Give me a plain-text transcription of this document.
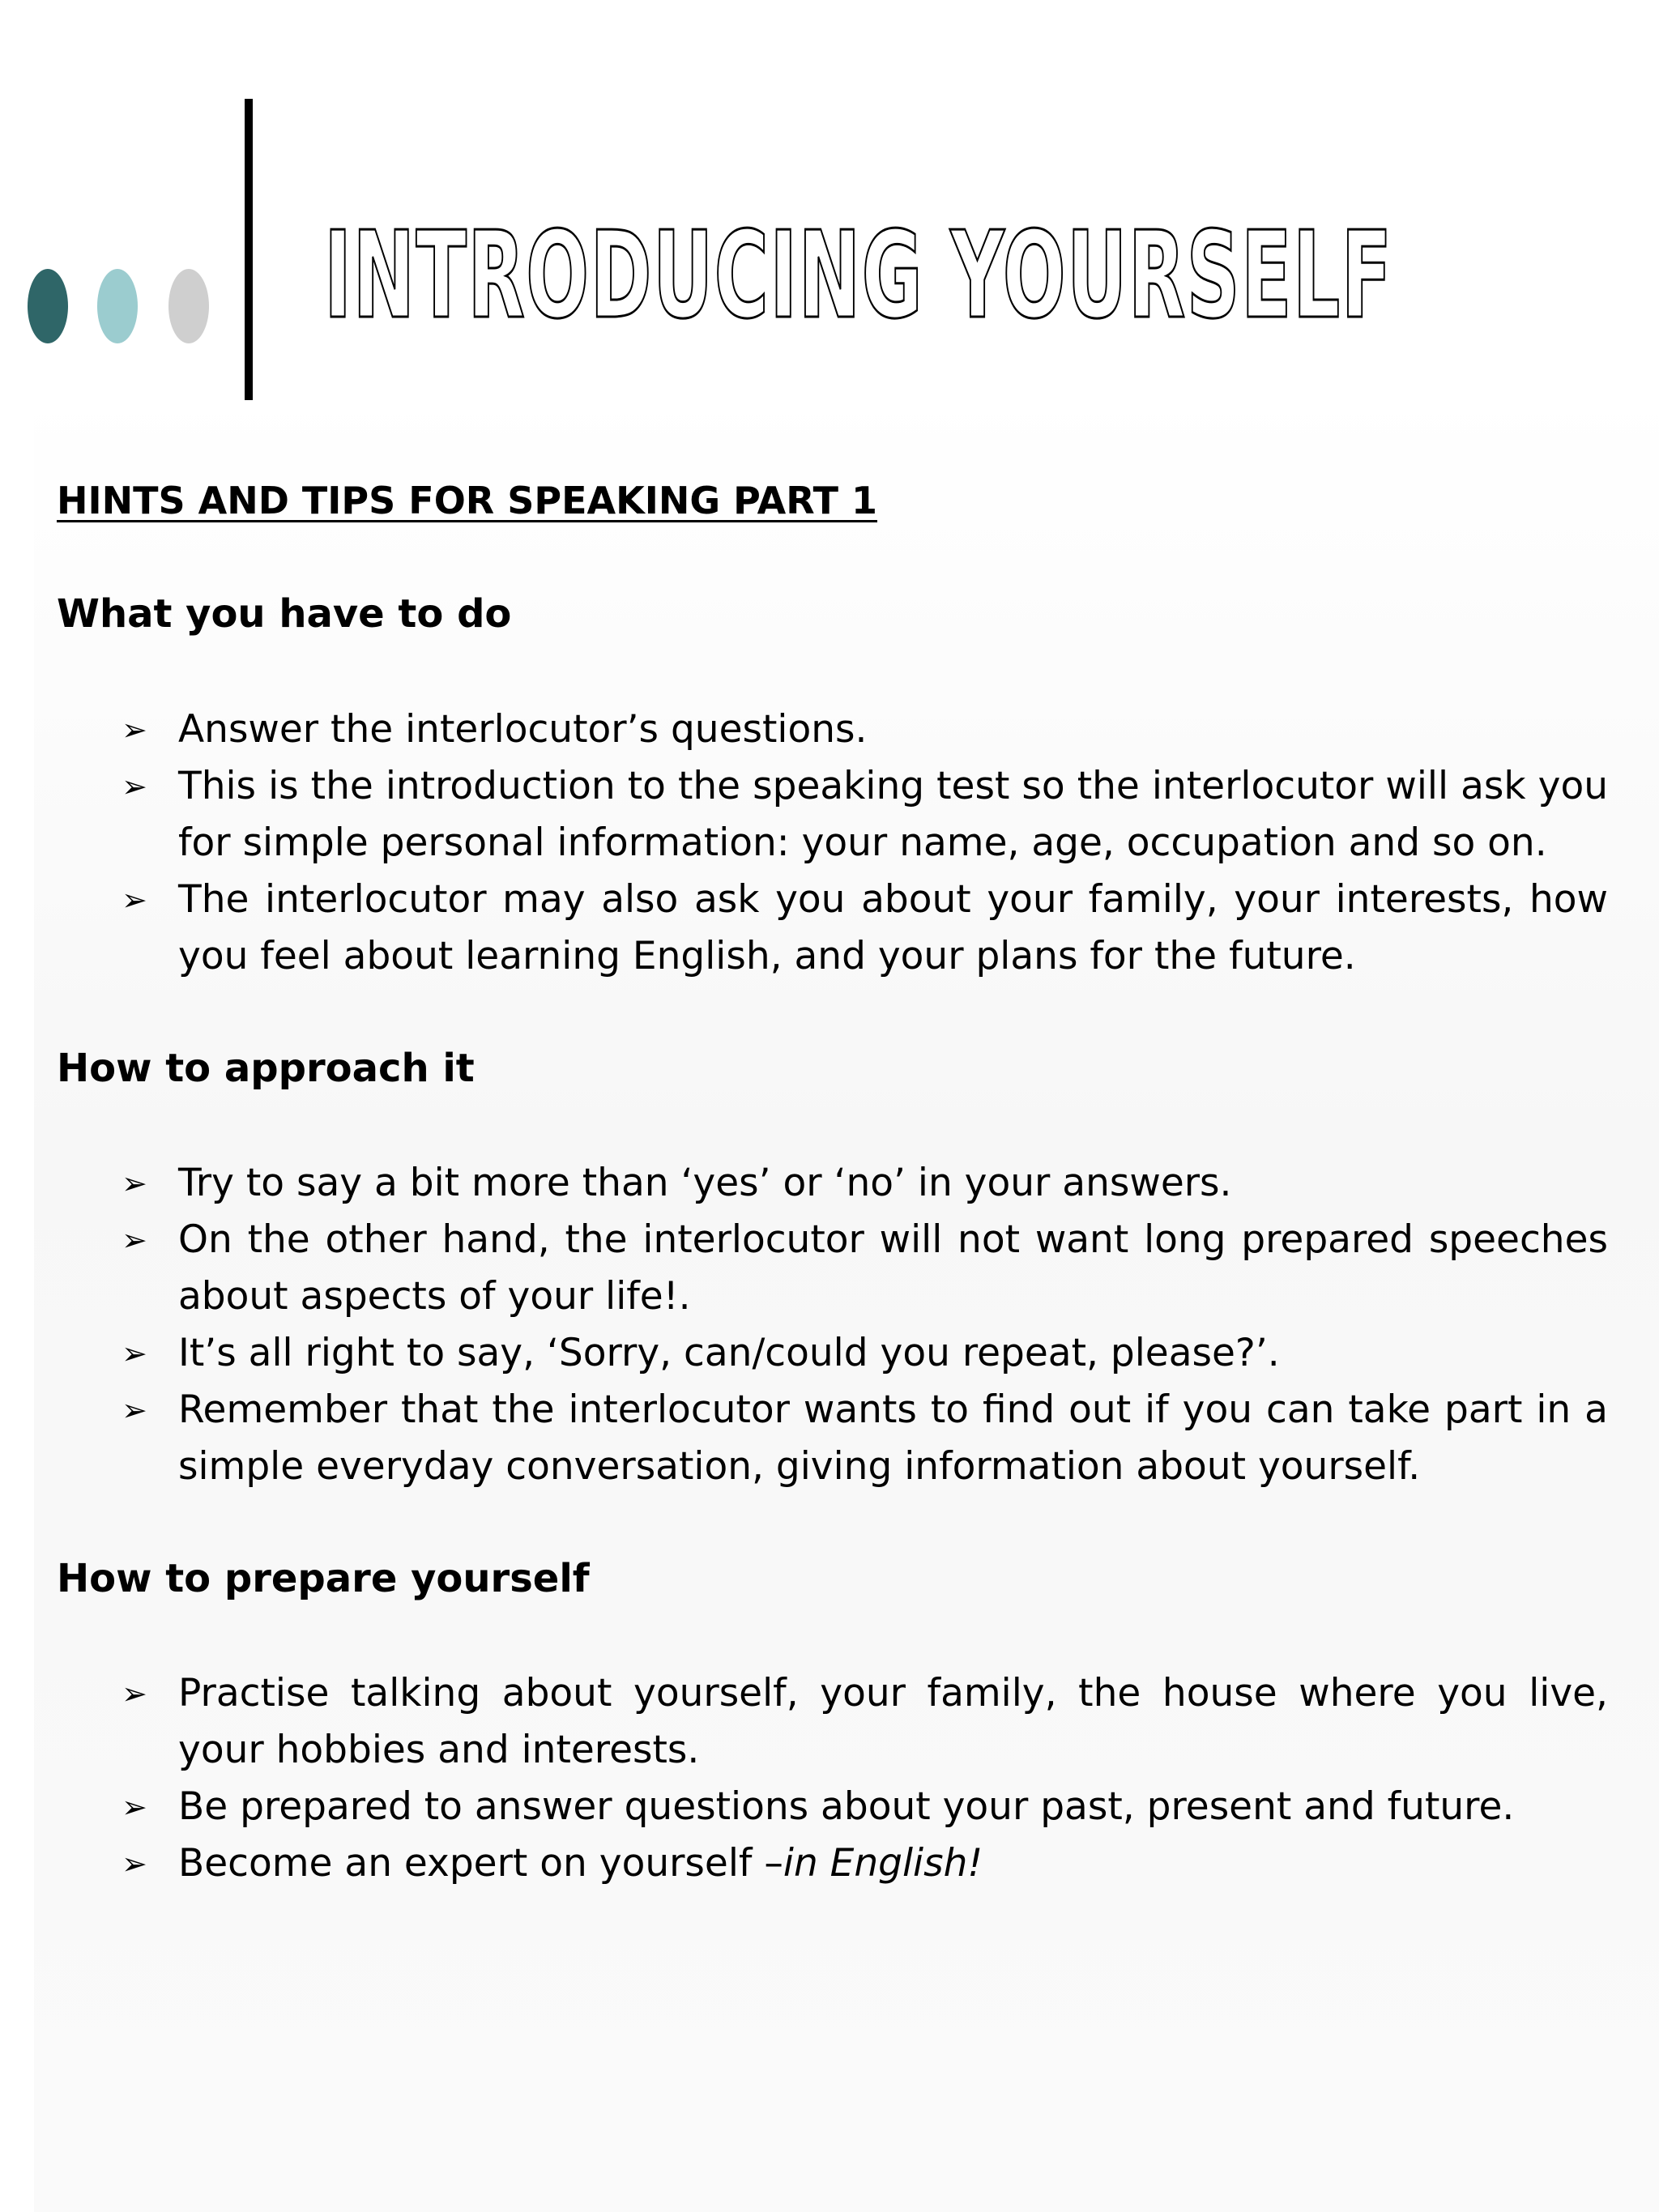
INTRODUCING YOURSELF
HINTS AND TIPS FOR SPEAKING PART 1
What you have to do
➢ Answer the interlocutor’s questions.
➢ This is the introduction to the speaking test so the interlocutor will ask you for simple personal information: your name, age, occupation and so on.
➢ The interlocutor may also ask you about your family, your interests, how you feel about learning English, and your plans for the future.
How to approach it
➢ Try to say a bit more than ‘yes’ or ‘no’ in your answers.
➢ On the other hand, the interlocutor will not want long prepared speeches about aspects of your life!.
➢ It’s all right to say, ‘Sorry, can/could you repeat, please?’.
➢ Remember that the interlocutor wants to find out if you can take part in a simple everyday conversation, giving information about yourself.
How to prepare yourself
➢ Practise talking about yourself, your family, the house where you live, your hobbies and interests.
➢ Be prepared to answer questions about your past, present and future.
➢ Become an expert on yourself –in English!
